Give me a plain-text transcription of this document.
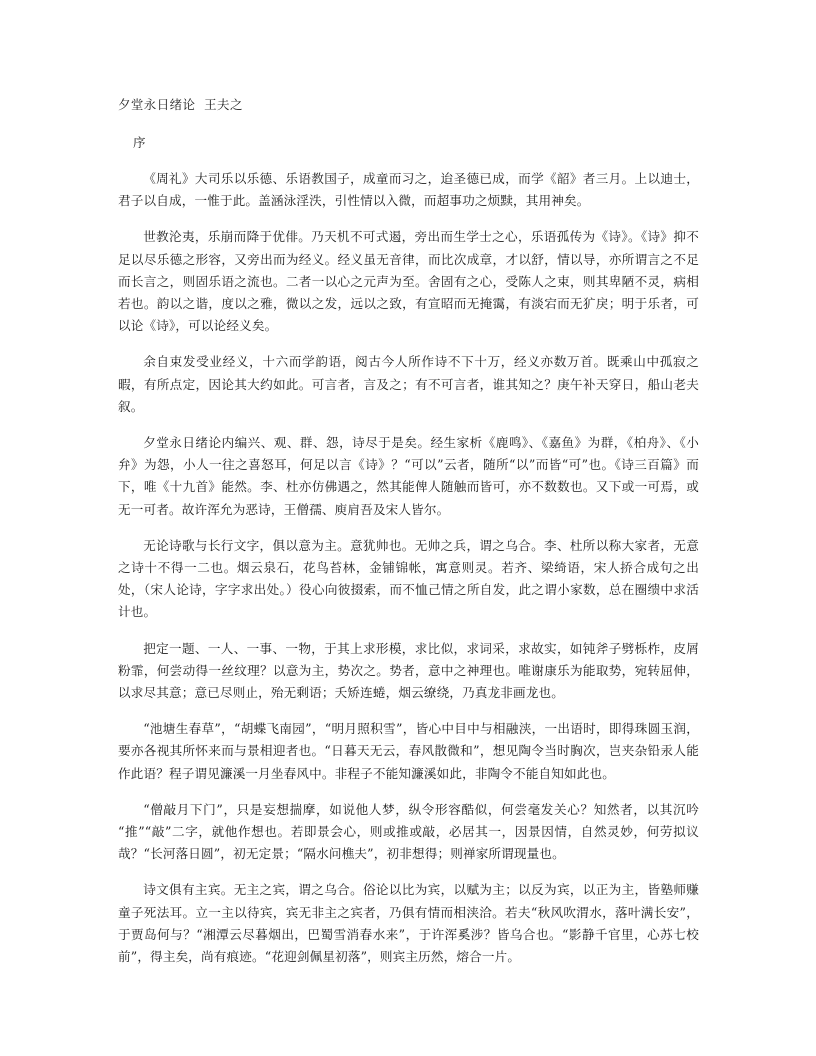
夕堂永日绪论  王夫之
序

《周礼》大司乐以乐德、乐语教国子，成童而习之，迨圣德已成，而学《韶》者三月。上以迪士，君子以自成，一惟于此。盖涵泳淫泆，引性情以入微，而超事功之烦黩，其用神矣。

世教沦夷，乐崩而降于优俳。乃天机不可式遏，旁出而生学士之心，乐语孤传为《诗》。《诗》抑不足以尽乐德之形容，又旁出而为经义。经义虽无音律，而比次成章，才以舒，情以导，亦所谓言之不足而长言之，则固乐语之流也。二者一以心之元声为至。舍固有之心，受陈人之束，则其卑陋不灵，病相若也。韵以之谐，度以之雅，微以之发，远以之致，有宣昭而无掩霭，有淡宕而无犷戾；明于乐者，可以论《诗》，可以论经义矣。

余自束发受业经义，十六而学韵语，阅古今人所作诗不下十万，经义亦数万首。既乘山中孤寂之暇，有所点定，因论其大约如此。可言者，言及之；有不可言者，谁其知之？庚午补天穿日，船山老夫叙。

夕堂永日绪论内编兴、观、群、怨，诗尽于是矣。经生家析《鹿鸣》、《嘉鱼》为群，《柏舟》、《小弁》为怨，小人一往之喜怒耳，何足以言《诗》？“可以”云者，随所“以”而皆“可”也。《诗三百篇》而下，唯《十九首》能然。李、杜亦仿佛遇之，然其能俾人随触而皆可，亦不数数也。又下或一可焉，或无一可者。故许浑允为恶诗，王僧孺、庾肩吾及宋人皆尔。

无论诗歌与长行文字，俱以意为主。意犹帅也。无帅之兵，谓之乌合。李、杜所以称大家者，无意之诗十不得一二也。烟云泉石，花鸟苔林，金铺锦帐，寓意则灵。若齐、梁绮语，宋人挢合成句之出处，（宋人论诗，字字求出处。）役心向彼掇索，而不恤己情之所自发，此之谓小家数，总在圈缋中求活计也。

把定一题、一人、一事、一物，于其上求形模，求比似，求词采，求故实，如钝斧子劈栎柞，皮屑粉霏，何尝动得一丝纹理？以意为主，势次之。势者，意中之神理也。唯谢康乐为能取势，宛转屈伸，以求尽其意；意已尽则止，殆无剩语；夭矫连蜷，烟云缭绕，乃真龙非画龙也。

“池塘生春草”，“胡蝶飞南园”，“明月照积雪”，皆心中目中与相融浃，一出语时，即得珠圆玉润，要亦各视其所怀来而与景相迎者也。“日暮天无云，春风散微和”，想见陶令当时胸次，岂夹杂铅汞人能作此语？程子谓见濂溪一月坐春风中。非程子不能知濂溪如此，非陶令不能自知如此也。

“僧敲月下门”，只是妄想揣摩，如说他人梦，纵令形容酷似，何尝毫发关心？知然者，以其沉吟“推”“敲”二字，就他作想也。若即景会心，则或推或敲，必居其一，因景因情，自然灵妙，何劳拟议哉？“长河落日圆”，初无定景；“隔水问樵夫”，初非想得；则禅家所谓现量也。

诗文俱有主宾。无主之宾，谓之乌合。俗论以比为宾，以赋为主；以反为宾，以正为主，皆塾师赚童子死法耳。立一主以待宾，宾无非主之宾者，乃俱有情而相浃洽。若夫“秋风吹渭水，落叶满长安”，于贾岛何与？“湘潭云尽暮烟出，巴蜀雪消春水来”，于许浑奚涉？皆乌合也。“影静千官里，心苏七校前”，得主矣，尚有痕迹。“花迎剑佩星初落”，则宾主历然，熔合一片。
